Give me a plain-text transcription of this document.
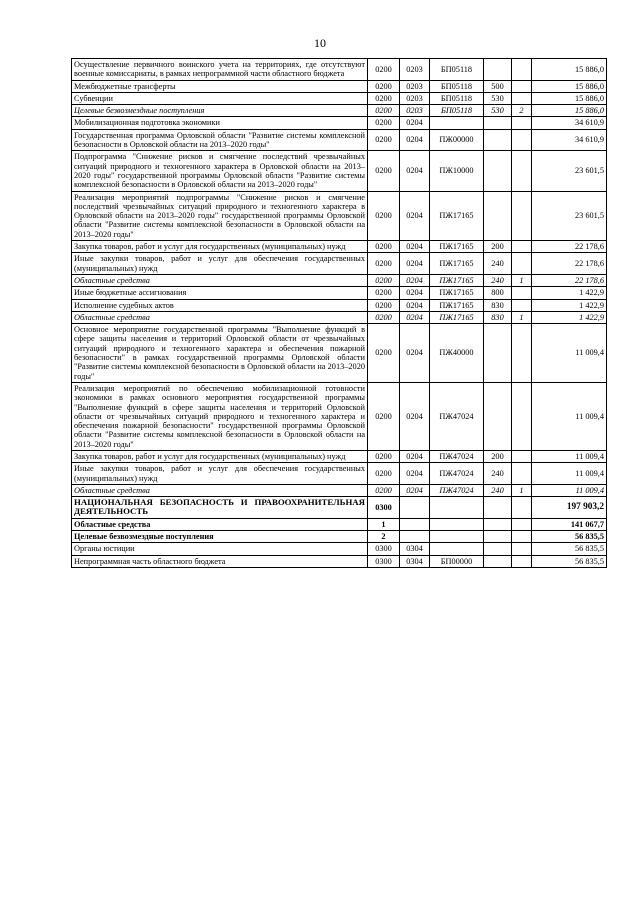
10
Осуществление первичного воинского учета на территориях, где отсутствуют военные комиссариаты, в рамках непрограммной части областного бюджета	0200	0203	БП05118			15 886,0
Межбюджетные трансферты	0200	0203	БП05118	500		15 886,0
Субвенции	0200	0203	БП05118	530		15 886,0
Целевые безвозмездные поступления	0200	0203	БП05118	530	2	15 886,0
Мобилизационная подготовка экономики	0200	0204				34 610,9
Государственная программа Орловской области "Развитие системы комплексной безопасности в Орловской области на 2013–2020 годы"	0200	0204	ПЖ00000			34 610,9
Подпрограмма "Снижение рисков и смягчение последствий чрезвычайных ситуаций природного и техногенного характера в Орловской области на 2013–2020 годы" государственной программы Орловской области "Развитие системы комплексной безопасности в Орловской области на 2013–2020 годы"	0200	0204	ПЖ10000			23 601,5
Реализация мероприятий подпрограммы "Снижение рисков и смягчение последствий чрезвычайных ситуаций природного и техногенного характера в Орловской области на 2013–2020 годы" государственной программы Орловской области "Развитие системы комплексной безопасности в Орловской области на 2013–2020 годы"	0200	0204	ПЖ17165			23 601,5
Закупка товаров, работ и услуг для государственных (муниципальных) нужд	0200	0204	ПЖ17165	200		22 178,6
Иные закупки товаров, работ и услуг для обеспечения государственных (муниципальных) нужд	0200	0204	ПЖ17165	240		22 178,6
Областные средства	0200	0204	ПЖ17165	240	1	22 178,6
Иные бюджетные ассигнования	0200	0204	ПЖ17165	800		1 422,9
Исполнение судебных актов	0200	0204	ПЖ17165	830		1 422,9
Областные средства	0200	0204	ПЖ17165	830	1	1 422,9
Основное мероприятие государственной программы "Выполнение функций в сфере защиты населения и территорий Орловской области от чрезвычайных ситуаций природного и техногенного характера и обеспечения пожарной безопасности" в рамках государственной программы Орловской области "Развитие системы комплексной безопасности в Орловской области на 2013–2020 годы"	0200	0204	ПЖ40000			11 009,4
Реализация мероприятий по обеспечению мобилизационной готовности экономики в рамках основного мероприятия государственной программы "Выполнение функций в сфере защиты населения и территорий Орловской области от чрезвычайных ситуаций природного и техногенного характера и обеспечения пожарной безопасности" государственной программы Орловской области "Развитие системы комплексной безопасности в Орловской области на 2013–2020 годы"	0200	0204	ПЖ47024			11 009,4
Закупка товаров, работ и услуг для государственных (муниципальных) нужд	0200	0204	ПЖ47024	200		11 009,4
Иные закупки товаров, работ и услуг для обеспечения государственных (муниципальных) нужд	0200	0204	ПЖ47024	240		11 009,4
Областные средства	0200	0204	ПЖ47024	240	1	11 009,4
НАЦИОНАЛЬНАЯ БЕЗОПАСНОСТЬ И ПРАВООХРАНИТЕЛЬНАЯ ДЕЯТЕЛЬНОСТЬ	0300					197 903,2
Областные средства	1					141 067,7
Целевые безвозмездные поступления	2					56 835,5
Органы юстиции	0300	0304				56 835,5
Непрограммная часть областного бюджета	0300	0304	БП00000			56 835,5
